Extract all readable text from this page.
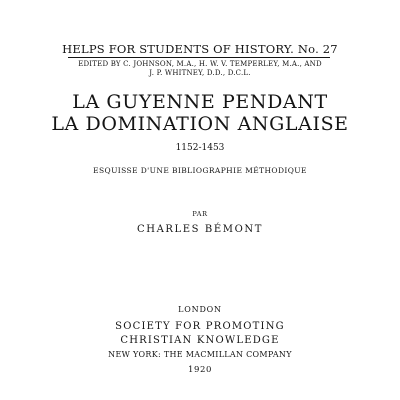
HELPS FOR STUDENTS OF HISTORY. No. 27
EDITED BY C. JOHNSON, M.A., H. W. V. TEMPERLEY, M.A., AND
J. P. WHITNEY, D.D., D.C.L.
LA GUYENNE PENDANT
LA DOMINATION ANGLAISE
1152-1453
ESQUISSE D'UNE BIBLIOGRAPHIE MÉTHODIQUE
PAR
CHARLES BÉMONT
LONDON
SOCIETY FOR PROMOTING
CHRISTIAN KNOWLEDGE
NEW YORK: THE MACMILLAN COMPANY
1920
